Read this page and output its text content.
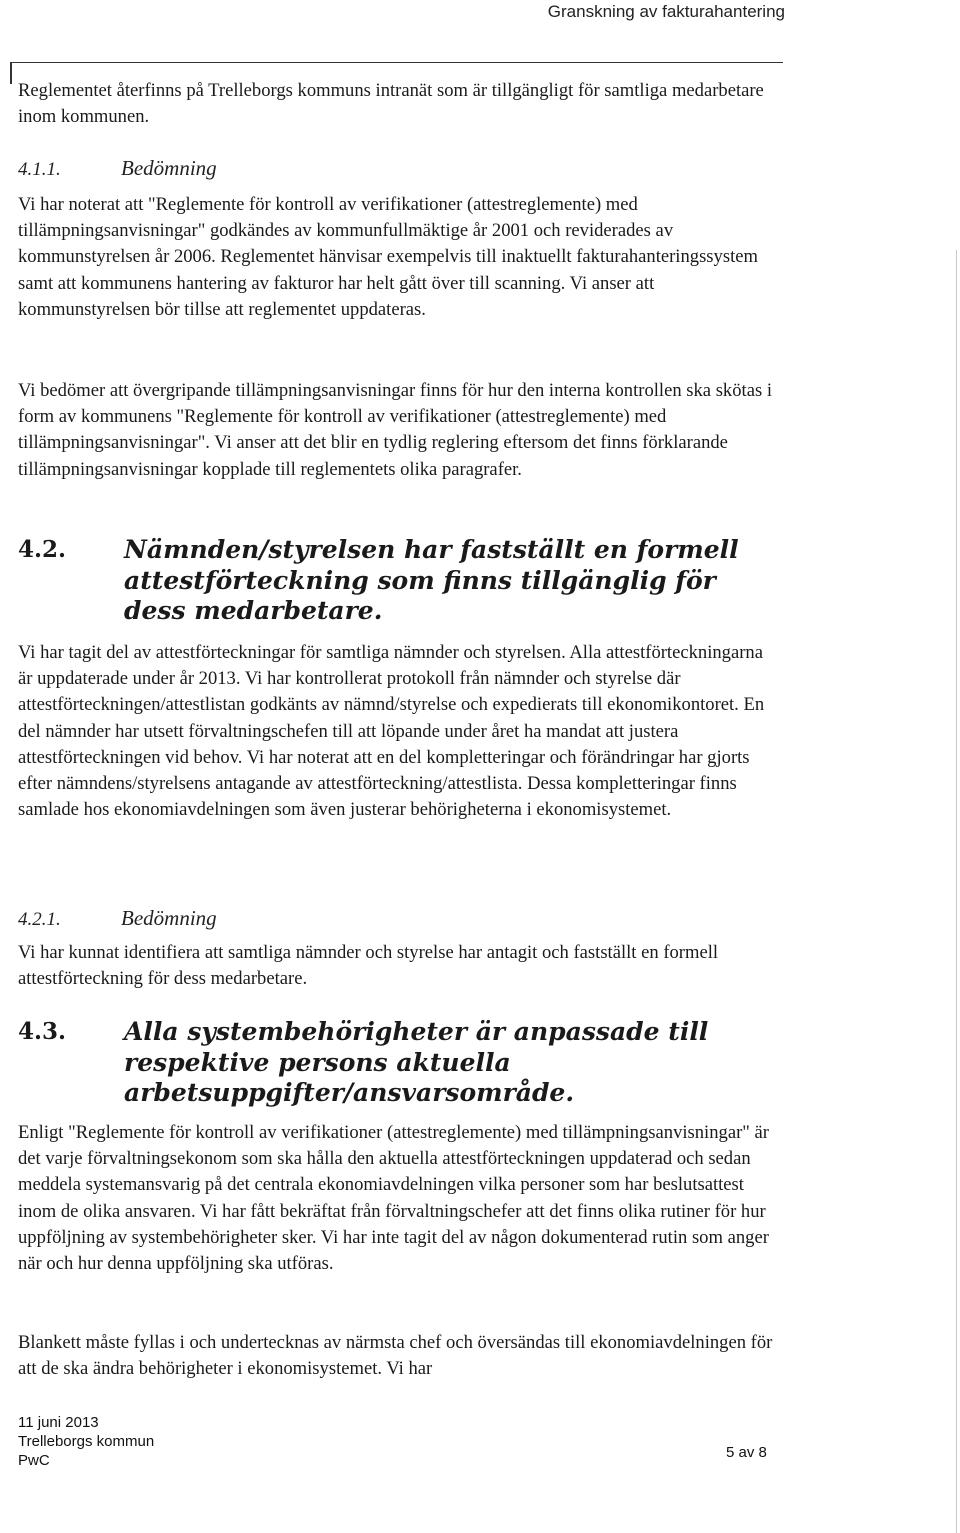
Granskning av fakturahantering

Reglementet återfinns på Trelleborgs kommuns intranät som är tillgängligt för samtliga medarbetare inom kommunen.

4.1.1.	Bedömning

Vi har noterat att "Reglemente för kontroll av verifikationer (attestreglemente) med tillämpningsanvisningar" godkändes av kommunfullmäktige år 2001 och reviderades av kommunstyrelsen år 2006. Reglementet hänvisar exempelvis till inaktuellt fakturahanteringssystem samt att kommunens hantering av fakturor har helt gått över till scanning. Vi anser att kommunstyrelsen bör tillse att reglementet uppdateras.

Vi bedömer att övergripande tillämpningsanvisningar finns för hur den interna kontrollen ska skötas i form av kommunens "Reglemente för kontroll av verifikationer (attestreglemente) med tillämpningsanvisningar". Vi anser att det blir en tydlig reglering eftersom det finns förklarande tillämpningsanvisningar kopplade till reglementets olika paragrafer.

4.2.	Nämnden/styrelsen har fastställt en formell attestförteckning som finns tillgänglig för dess medarbetare.

Vi har tagit del av attestförteckningar för samtliga nämnder och styrelsen. Alla attestförteckningarna är uppdaterade under år 2013. Vi har kontrollerat protokoll från nämnder och styrelse där attestförteckningen/attestlistan godkänts av nämnd/styrelse och expedierats till ekonomikontoret. En del nämnder har utsett förvaltningschefen till att löpande under året ha mandat att justera attestförteckningen vid behov. Vi har noterat att en del kompletteringar och förändringar har gjorts efter nämndens/styrelsens antagande av attestförteckning/attestlista. Dessa kompletteringar finns samlade hos ekonomiavdelningen som även justerar behörigheterna i ekonomisystemet.

4.2.1.	Bedömning

Vi har kunnat identifiera att samtliga nämnder och styrelse har antagit och fastställt en formell attestförteckning för dess medarbetare.

4.3.	Alla systembehörigheter är anpassade till respektive persons aktuella arbetsuppgifter/ansvarsområde.

Enligt "Reglemente för kontroll av verifikationer (attestreglemente) med tillämpningsanvisningar" är det varje förvaltningsekonom som ska hålla den aktuella attestförteckningen uppdaterad och sedan meddela systemansvarig på det centrala ekonomiavdelningen vilka personer som har beslutsattest inom de olika ansvaren. Vi har fått bekräftat från förvaltningschefer att det finns olika rutiner för hur uppföljning av systembehörigheter sker. Vi har inte tagit del av någon dokumenterad rutin som anger när och hur denna uppföljning ska utföras.

Blankett måste fyllas i och undertecknas av närmsta chef och översändas till ekonomiavdelningen för att de ska ändra behörigheter i ekonomisystemet. Vi har

11 juni 2013
Trelleborgs kommun
PwC	5 av 8
